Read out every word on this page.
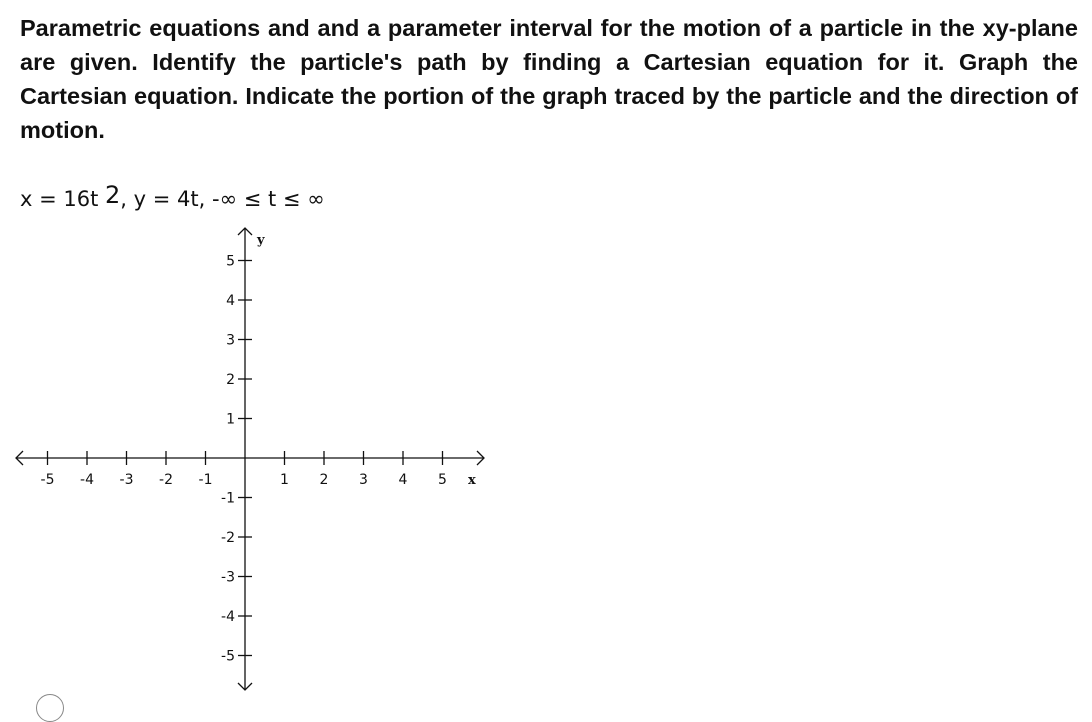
Parametric equations and and a parameter interval for the motion of a particle in the xy-plane are given. Identify the particle's path by finding a Cartesian equation for it. Graph the Cartesian equation. Indicate the portion of the graph traced by the particle and the direction of motion.

x = 16t $^2$, y = 4t, -∞ ≤ t ≤ ∞
-5 -4 -3 -2 -1	1 2 3 4 5
5
4
3
2
1
-1
-2
-3
-4
-5
x
y
